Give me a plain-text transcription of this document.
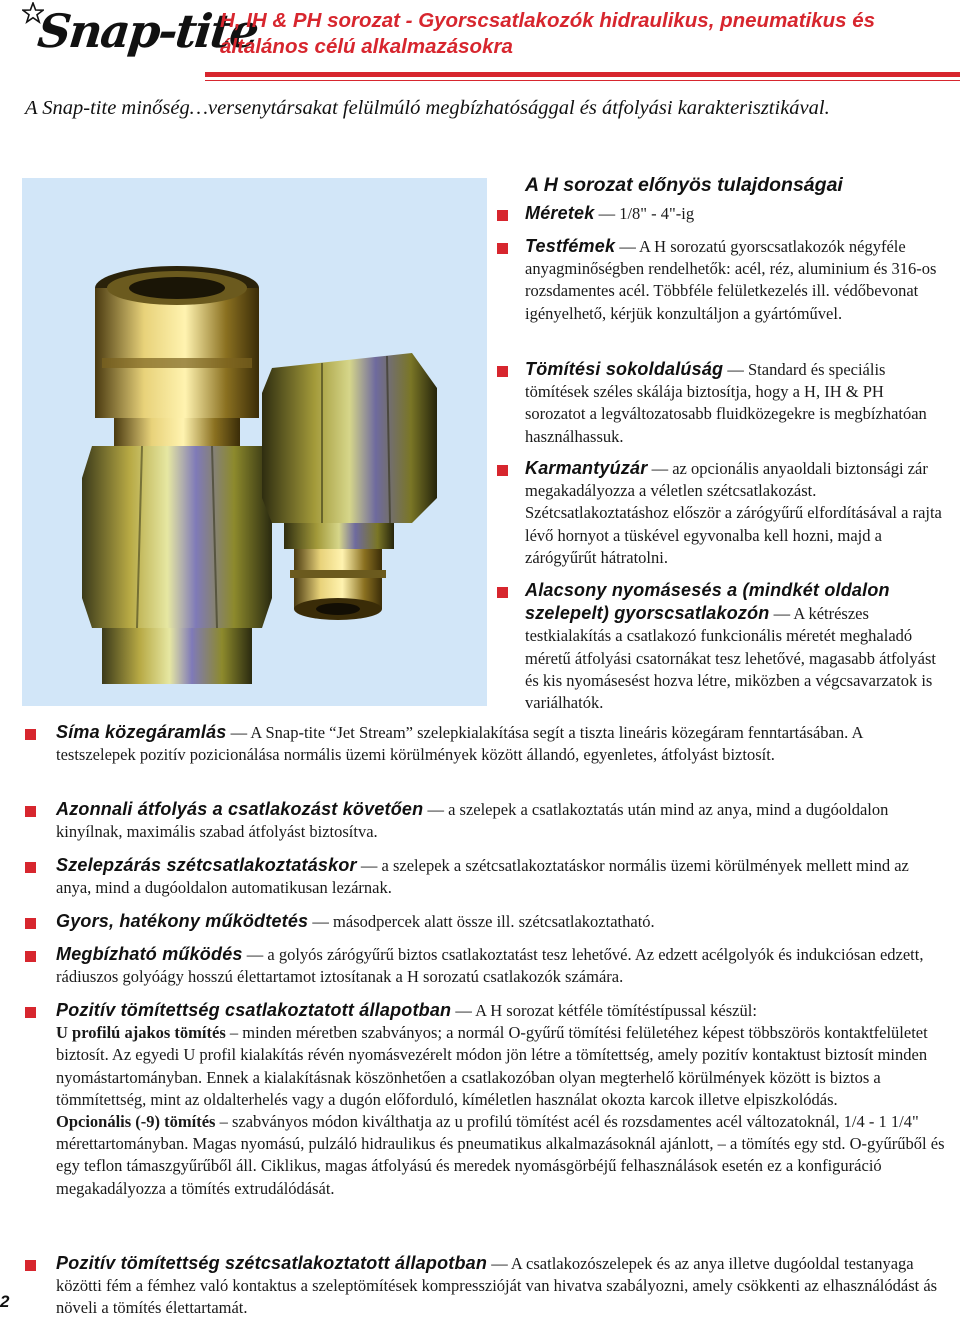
Snap-tite
H, IH & PH sorozat - Gyorscsatlakozók hidraulikus, pneumatikus és általános célú alkalmazásokra
A Snap-tite minőség…versenytársakat felülmúló megbízhatósággal és átfolyási karakterisztikával.
A H sorozat előnyös tulajdonságai
Méretek — 1/8" - 4"-ig
Testfémek — A H sorozatú gyorscsatlakozók négyféle anyagminőségben rendelhetők: acél, réz, aluminium és 316-os rozsdamentes acél. Többféle felületkezelés ill. védőbevonat igényelhető, kérjük konzultáljon a gyártóművel.
Tömítési sokoldalúság — Standard és speciális tömítések széles skálája biztosítja, hogy a H, IH & PH sorozatot a legváltozatosabb fluidközegekre is megbízhatóan használhassuk.
Karmantyúzár — az opcionális anyaoldali biztonsági zár megakadályozza a véletlen szétcsatlakozást. Szétcsatlakoztatáshoz először a zárógyűrű elfordításával a rajta lévő hornyot a tüskével egyvonalba kell hozni, majd a zárógyűrűt hátratolni.
Alacsony nyomásesés a (mindkét oldalon szelepelt) gyorscsatlakozón — A kétrészes testkialakítás a csatlakozó funkcionális méretét meghaladó méretű átfolyási csatornákat tesz lehetővé, magasabb átfolyást és kis nyomásesést hozva létre, miközben a végcsavarzatok is variálhatók.
Síma közegáramlás — A Snap-tite “Jet Stream” szelepkialakítása segít a tiszta lineáris közegáram fenntartásában. A testszelepek pozitív pozicionálása normális üzemi körülmények között állandó, egyenletes, átfolyást biztosít.
Azonnali átfolyás a csatlakozást követően — a szelepek a csatlakoztatás után mind az anya, mind a dugóoldalon kinyílnak, maximális szabad átfolyást biztosítva.
Szelepzárás szétcsatlakoztatáskor — a szelepek a szétcsatlakoztatáskor normális üzemi körülmények mellett mind az anya, mind a dugóoldalon automatikusan lezárnak.
Gyors, hatékony működtetés — másodpercek alatt össze ill. szétcsatlakoztatható.
Megbízható működés — a golyós zárógyűrű biztos csatlakoztatást tesz lehetővé. Az edzett acélgolyók és indukciósan edzett, rádiuszos golyóágy hosszú élettartamot iztosítanak a H sorozatú csatlakozók számára.
Pozitív tömítettség csatlakoztatott állapotban — A H sorozat kétféle tömítéstípussal készül:
U profilú ajakos tömítés – minden méretben szabványos; a normál O-gyűrű tömítési felületéhez képest többszörös kontaktfelületet biztosít. Az egyedi U profil kialakítás révén nyomásvezérelt módon jön létre a tömítettség, amely pozitív kontaktust biztosít minden nyomástartományban. Ennek a kialakításnak köszönhetően a csatlakozóban olyan megterhelő körülmények között is biztos a tömmítettség, mint az oldalterhelés vagy a dugón előforduló, kíméletlen használat okozta karcok illetve elpiszkolódás.
Opcionális (-9) tömítés – szabványos módon kiválthatja az u profilú tömítést acél és rozsdamentes acél változatoknál, 1/4 - 1 1/4" mérettartományban. Magas nyomású, pulzáló hidraulikus és pneumatikus alkalmazásoknál ajánlott, – a tömítés egy std. O-gyűrűből és egy teflon támaszgyűrűből áll. Ciklikus, magas átfolyású és meredek nyomásgörbéjű felhasználások esetén ez a konfiguráció megakadályozza a tömítés extrudálódását.
Pozitív tömítettség szétcsatlakoztatott állapotban — A csatlakozószelepek és az anya illetve dugóoldal testanyaga közötti fém a fémhez való kontaktus a szeleptömítések kompresszióját van hivatva szabályozni, amely csökkenti az elhasználódást ás növeli a tömítés élettartamát.
2
